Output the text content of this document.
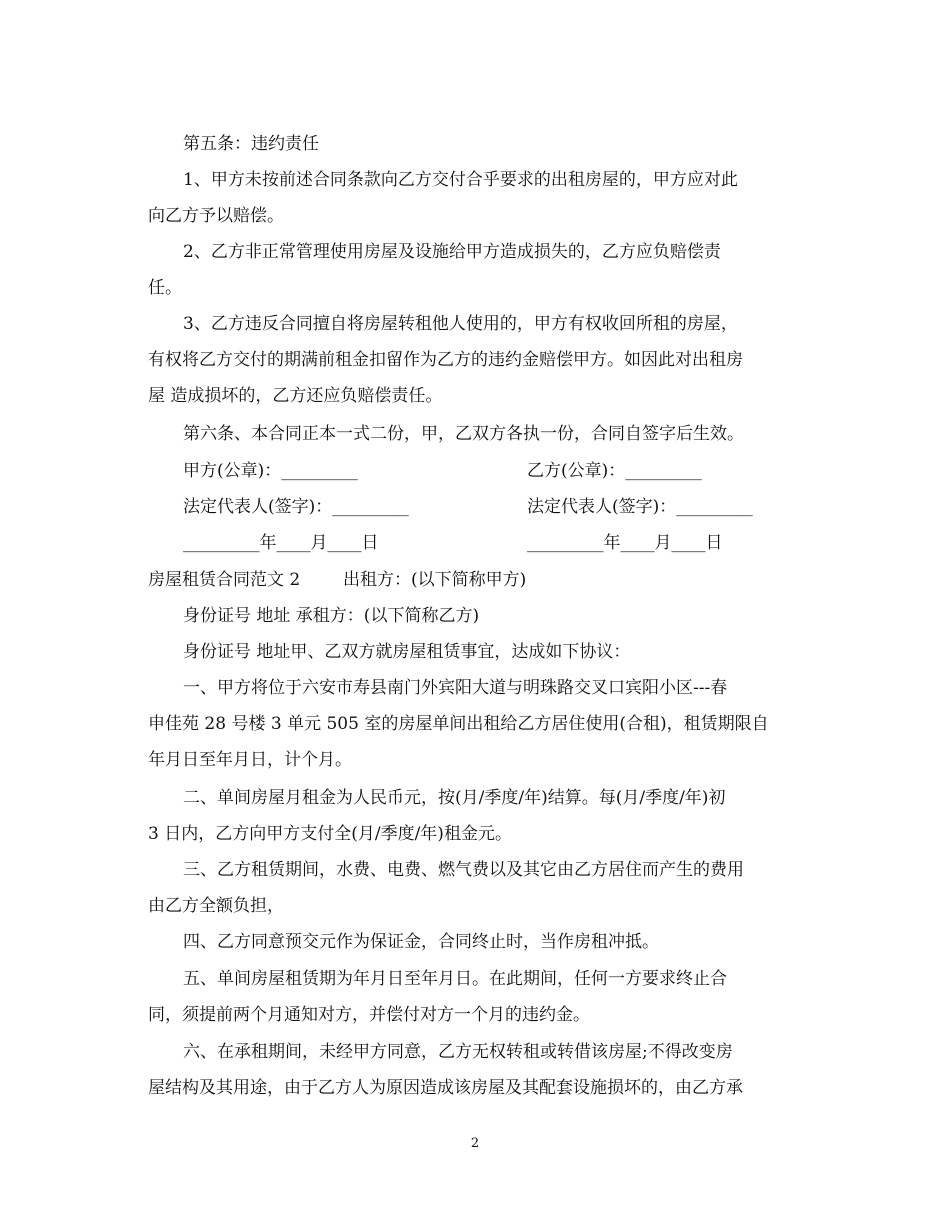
第五条：违约责任
1、甲方未按前述合同条款向乙方交付合乎要求的出租房屋的，甲方应对此
向乙方予以赔偿。
2、乙方非正常管理使用房屋及设施给甲方造成损失的，乙方应负赔偿责
任。
3、乙方违反合同擅自将房屋转租他人使用的，甲方有权收回所租的房屋，
有权将乙方交付的期满前租金扣留作为乙方的违约金赔偿甲方。如因此对出租房
屋 造成损坏的，乙方还应负赔偿责任。
第六条、本合同正本一式二份，甲，乙双方各执一份，合同自签字后生效。
甲方(公章)：_________	乙方(公章)：_________
法定代表人(签字)：_________	法定代表人(签字)：_________
_________年____月____日	_________年____月____日
房屋租赁合同范文 2	出租方：(以下简称甲方)
身份证号 地址 承租方：(以下简称乙方)
身份证号 地址甲、乙双方就房屋租赁事宜，达成如下协议：
一、甲方将位于六安市寿县南门外宾阳大道与明珠路交叉口宾阳小区---春
申佳苑 28 号楼 3 单元 505 室的房屋单间出租给乙方居住使用(合租)，租赁期限自
年月日至年月日，计个月。
二、单间房屋月租金为人民币元，按(月/季度/年)结算。每(月/季度/年)初
3 日内，乙方向甲方支付全(月/季度/年)租金元。
三、乙方租赁期间，水费、电费、燃气费以及其它由乙方居住而产生的费用
由乙方全额负担，
四、乙方同意预交元作为保证金，合同终止时，当作房租冲抵。
五、单间房屋租赁期为年月日至年月日。在此期间，任何一方要求终止合
同，须提前两个月通知对方，并偿付对方一个月的违约金。
六、在承租期间，未经甲方同意，乙方无权转租或转借该房屋;不得改变房
屋结构及其用途，由于乙方人为原因造成该房屋及其配套设施损坏的，由乙方承
2
